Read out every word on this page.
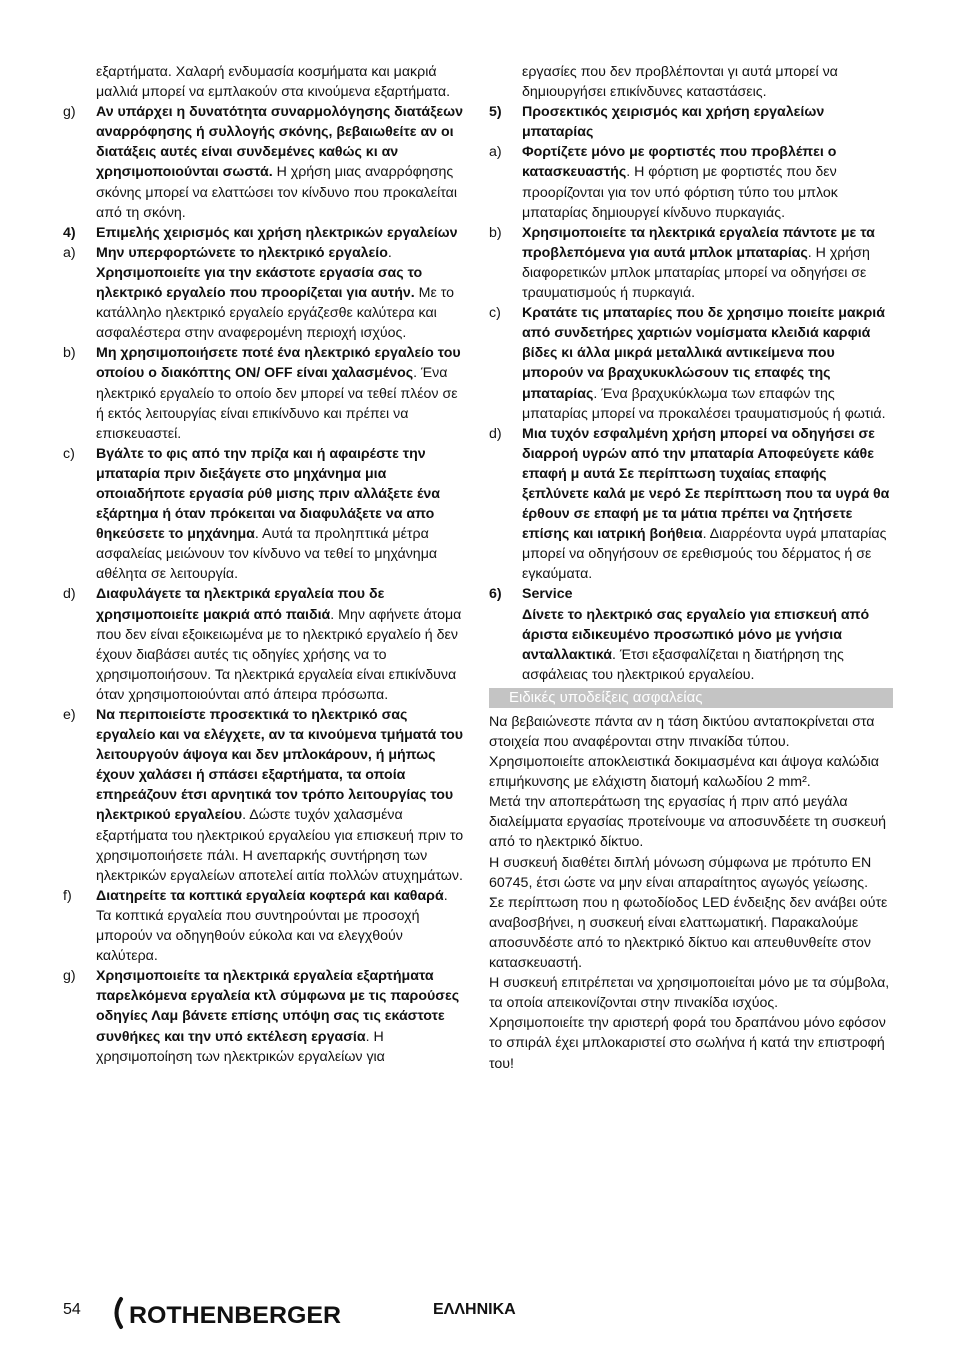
εξαρτήματα. Χαλαρή ενδυμασία κοσμήματα και μακριά μαλλιά μπορεί να εμπλακούν στα κινούμενα εξαρτήματα.

g)	Αν υπάρχει η δυνατότητα συναρμολόγησης διατάξεων αναρρόφησης ή συλλογής σκόνης, βεβαιωθείτε αν οι διατάξεις αυτές είναι συνδεμένες καθώς κι αν χρησιμοποιούνται σωστά. Η χρήση μιας αναρρόφησης σκόνης μπορεί να ελαττώσει τον κίνδυνο που προκαλείται από τη σκόνη.
4)	Επιμελής χειρισμός και χρήση ηλεκτρικών εργαλείων
a)	Μην υπερφορτώνετε το ηλεκτρικό εργαλείο. Χρησιμοποιείτε για την εκάστοτε εργασία σας το ηλεκτρικό εργαλείο που προορίζεται για αυτήν. Με το κατάλληλο ηλεκτρικό εργαλείο εργάζεσθε καλύτερα και ασφαλέστερα στην αναφερομένη περιοχή ισχύος.
b)	Μη χρησιμοποιήσετε ποτέ ένα ηλεκτρικό εργαλείο του οποίου ο διακόπτης ON/ OFF είναι χαλασμένος. Ένα ηλεκτρικό εργαλείο το οποίο δεν μπορεί να τεθεί πλέον σε ή εκτός λειτουργίας είναι επικίνδυνο και πρέπει να επισκευαστεί.
c)	Βγάλτε το φις από την πρίζα και ή αφαιρέστε την μπαταρία πριν διεξάγετε στο μηχάνημα μια οποιαδήποτε εργασία ρύθ μισης πριν αλλάξετε ένα εξάρτημα ή όταν πρόκειται να διαφυλάξετε να απο θηκεύσετε το μηχάνημα. Αυτά τα προληπτικά μέτρα ασφαλείας μειώνουν τον κίνδυνο να τεθεί το μηχάνημα αθέλητα σε λειτουργία.
d)	Διαφυλάγετε τα ηλεκτρικά εργαλεία που δε χρησιμοποιείτε μακριά από παιδιά. Μην αφήνετε άτομα που δεν είναι εξοικειωμένα με το ηλεκτρικό εργαλείο ή δεν έχουν διαβάσει αυτές τις οδηγίες χρήσης να το χρησιμοποιήσουν. Τα ηλεκτρικά εργαλεία είναι επικίνδυνα όταν χρησιμοποιούνται από άπειρα πρόσωπα.
e)	Να περιποιείστε προσεκτικά το ηλεκτρικό σας εργαλείο και να ελέγχετε, αν τα κινούμενα τμήματά του λειτουργούν άψογα και δεν μπλοκάρουν, ή μήπως έχουν χαλάσει ή σπάσει εξαρτήματα, τα οποία επηρεάζουν έτσι αρνητικά τον τρόπο λειτουργίας του ηλεκτρικού εργαλείου. Δώστε τυχόν χαλασμένα εξαρτήματα του ηλεκτρικού εργαλείου για επισκευή πριν το χρησιμοποιήσετε πάλι. Η ανεπαρκής συντήρηση των ηλεκτρικών εργαλείων αποτελεί αιτία πολλών ατυχημάτων.
f)	Διατηρείτε τα κοπτικά εργαλεία κοφτερά και καθαρά. Τα κοπτικά εργαλεία που συντηρούνται με προσοχή μπορούν να οδηγηθούν εύκολα και να ελεγχθούν καλύτερα.
g)	Χρησιμοποιείτε τα ηλεκτρικά εργαλεία εξαρτήματα παρελκόμενα εργαλεία κτλ σύμφωνα με τις παρούσες οδηγίες Λαμ βάνετε επίσης υπόψη σας τις εκάστοτε συνθήκες και την υπό εκτέλεση εργασία. Η χρησιμοποίηση των ηλεκτρικών εργαλείων για

εργασίες που δεν προβλέπονται γι αυτά μπορεί να δημιουργήσει επικίνδυνες καταστάσεις.

5)	Προσεκτικός χειρισμός και χρήση εργαλείων μπαταρίας
a)	Φορτίζετε μόνο με φορτιστές που προβλέπει ο κατασκευαστής. Η φόρτιση με φορτιστές που δεν προορίζονται για τον υπό φόρτιση τύπο του μπλοκ μπαταρίας δημιουργεί κίνδυνο πυρκαγιάς.
b)	Χρησιμοποιείτε τα ηλεκτρικά εργαλεία πάντοτε με τα προβλεπόμενα για αυτά μπλοκ μπαταρίας. Η χρήση διαφορετικών μπλοκ μπαταρίας μπορεί να οδηγήσει σε τραυματισμούς ή πυρκαγιά.
c)	Κρατάτε τις μπαταρίες που δε χρησιμο ποιείτε μακριά από συνδετήρες χαρτιών νομίσματα κλειδιά καρφιά βίδες κι άλλα μικρά μεταλλικά αντικείμενα που μπορούν να βραχυκυκλώσουν τις επαφές της μπαταρίας. Ένα βραχυκύκλωμα των επαφών της μπαταρίας μπορεί να προκαλέσει τραυματισμούς ή φωτιά.
d)	Μια τυχόν εσφαλμένη χρήση μπορεί να οδηγήσει σε διαρροή υγρών από την μπαταρία Αποφεύγετε κάθε επαφή μ αυτά Σε περίπτωση τυχαίας επαφής ξεπλύνετε καλά με νερό Σε περίπτωση που τα υγρά θα έρθουν σε επαφή με τα μάτια πρέπει να ζητήσετε επίσης και ιατρική βοήθεια. Διαρρέοντα υγρά μπαταρίας μπορεί να οδηγήσουν σε ερεθισμούς του δέρματος ή σε εγκαύματα.
6)	Service
Δίνετε το ηλεκτρικό σας εργαλείο για επισκευή από άριστα ειδικευμένο προσωπικό μόνο με γνήσια ανταλλακτικά. Έτσι εξασφαλίζεται η διατήρηση της ασφάλειας του ηλεκτρικού εργαλείου.
Ειδικές υποδείξεις ασφαλείας

Να βεβαιώνεστε πάντα αν η τάση δικτύου ανταποκρίνεται στα στοιχεία που αναφέρονται στην πινακίδα τύπου.

Χρησιμοποιείτε αποκλειστικά δοκιμασμένα και άψογα καλώδια επιμήκυνσης με ελάχιστη διατομή καλωδίου 2 mm².

Μετά την αποπεράτωση της εργασίας ή πριν από μεγάλα διαλείμματα εργασίας προτείνουμε να αποσυνδέετε τη συσκευή από το ηλεκτρικό δίκτυο.

Η συσκευή διαθέτει διπλή μόνωση σύμφωνα με πρότυπο EN 60745, έτσι ώστε να μην είναι απαραίτητος αγωγός γείωσης.

Σε περίπτωση που η φωτοδίοδος LED ένδειξης δεν ανάβει ούτε αναβοσβήνει, η συσκευή είναι ελαττωματική. Παρακαλούμε αποσυνδέστε από το ηλεκτρικό δίκτυο και απευθυνθείτε στον κατασκευαστή.

Η συσκευή επιτρέπεται να χρησιμοποιείται μόνο με τα σύμβολα, τα οποία απεικονίζονται στην πινακίδα ισχύος.

Χρησιμοποιείτε την αριστερή φορά του δραπάνου μόνο εφόσον το σπιράλ έχει μπλοκαριστεί στο σωλήνα ή κατά την επιστροφή του!

54 ROTHENBERGER	ΕΛΛΗΝΙΚΑ
